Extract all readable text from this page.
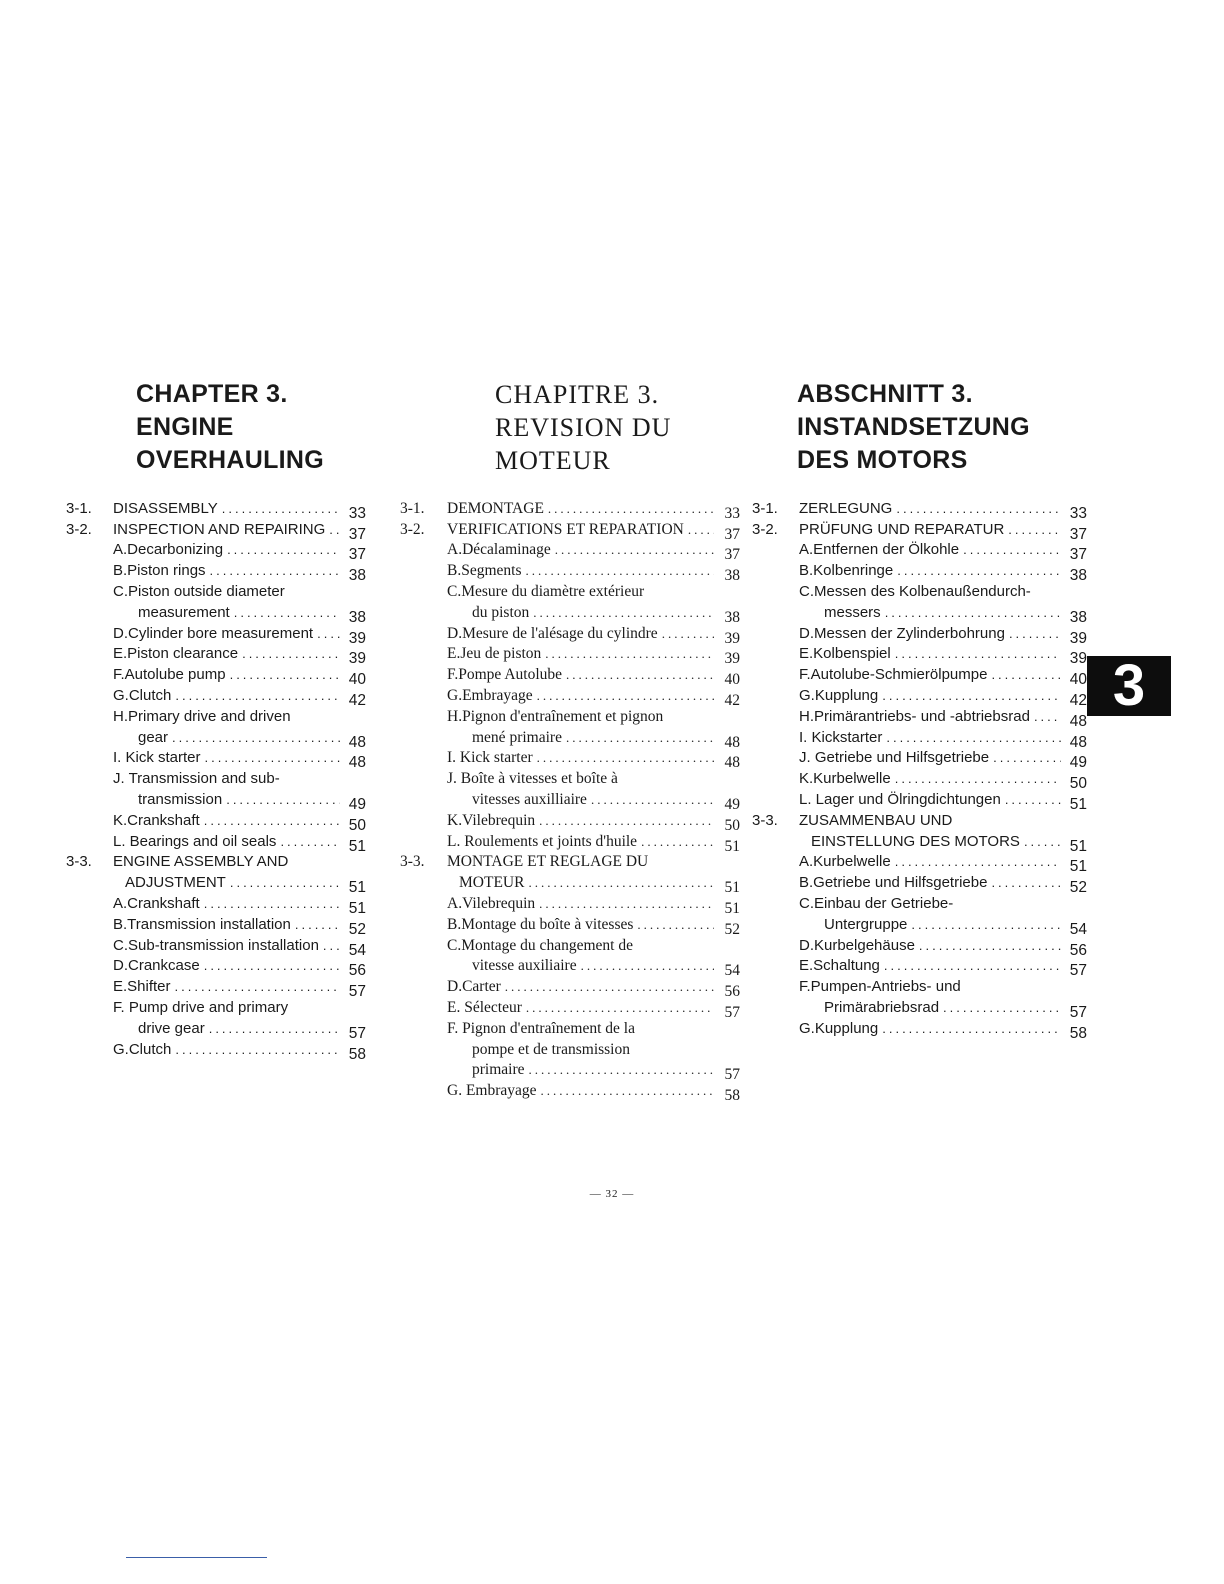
CHAPTER 3.
ENGINE
OVERHAULING
3-1.	DISASSEMBLY .....	33
3-2.	INSPECTION AND REPAIRING .....	37
A.Decarbonizing .....	37
B.Piston rings .....	38
C.Piston outside diameter
measurement .....	38
D.Cylinder bore measurement .....	39
E.Piston clearance .....	39
F.Autolube pump .....	40
G.Clutch .....	42
H.Primary drive and driven
gear .....	48
I. Kick starter .....	48
J. Transmission and sub-
transmission .....	49
K.Crankshaft .....	50
L. Bearings and oil seals .....	51
3-3.	ENGINE ASSEMBLY AND
ADJUSTMENT .....	51
A.Crankshaft .....	51
B.Transmission installation .....	52
C.Sub-transmission installation .....	54
D.Crankcase .....	56
E.Shifter .....	57
F. Pump drive and primary
drive gear .....	57
G.Clutch .....	58
CHAPITRE 3.
REVISION DU
MOTEUR
3-1.	DEMONTAGE .....	33
3-2.	VERIFICATIONS ET REPARATION .....	37
A.Décalaminage .....	37
B.Segments .....	38
C.Mesure du diamètre extérieur
du piston .....	38
D.Mesure de l'alésage du cylindre .....	39
E.Jeu de piston .....	39
F.Pompe Autolube .....	40
G.Embrayage .....	42
H.Pignon d'entraînement et pignon
mené primaire .....	48
I. Kick starter .....	48
J. Boîte à vitesses et boîte à
vitesses auxilliaire .....	49
K.Vilebrequin .....	50
L. Roulements et joints d'huile .....	51
3-3.	MONTAGE ET REGLAGE DU
MOTEUR .....	51
A.Vilebrequin .....	51
B.Montage du boîte à vitesses .....	52
C.Montage du changement de
vitesse auxiliaire .....	54
D.Carter .....	56
E. Sélecteur .....	57
F. Pignon d'entraînement de la
pompe et de transmission
primaire .....	57
G. Embrayage .....	58
ABSCHNITT 3.
INSTANDSETZUNG
DES MOTORS
3-1.	ZERLEGUNG .....	33
3-2.	PRÜFUNG UND REPARATUR .....	37
A.Entfernen der Ölkohle .....	37
B.Kolbenringe .....	38
C.Messen des Kolbenaußendurch-
messers .....	38
D.Messen der Zylinderbohrung .....	39
E.Kolbenspiel .....	39
F.Autolube-Schmierölpumpe .....	40
G.Kupplung .....	42
H.Primärantriebs- und -abtriebsrad .....	48
I. Kickstarter .....	48
J. Getriebe und Hilfsgetriebe .....	49
K.Kurbelwelle .....	50
L. Lager und Ölringdichtungen .....	51
3-3.	ZUSAMMENBAU UND
EINSTELLUNG DES MOTORS .....	51
A.Kurbelwelle .....	51
B.Getriebe und Hilfsgetriebe .....	52
C.Einbau der Getriebe-
Untergruppe .....	54
D.Kurbelgehäuse .....	56
E.Schaltung .....	57
F.Pumpen-Antriebs- und
Primärabriebsrad .....	57
G.Kupplung .....	58
3
— 32 —
